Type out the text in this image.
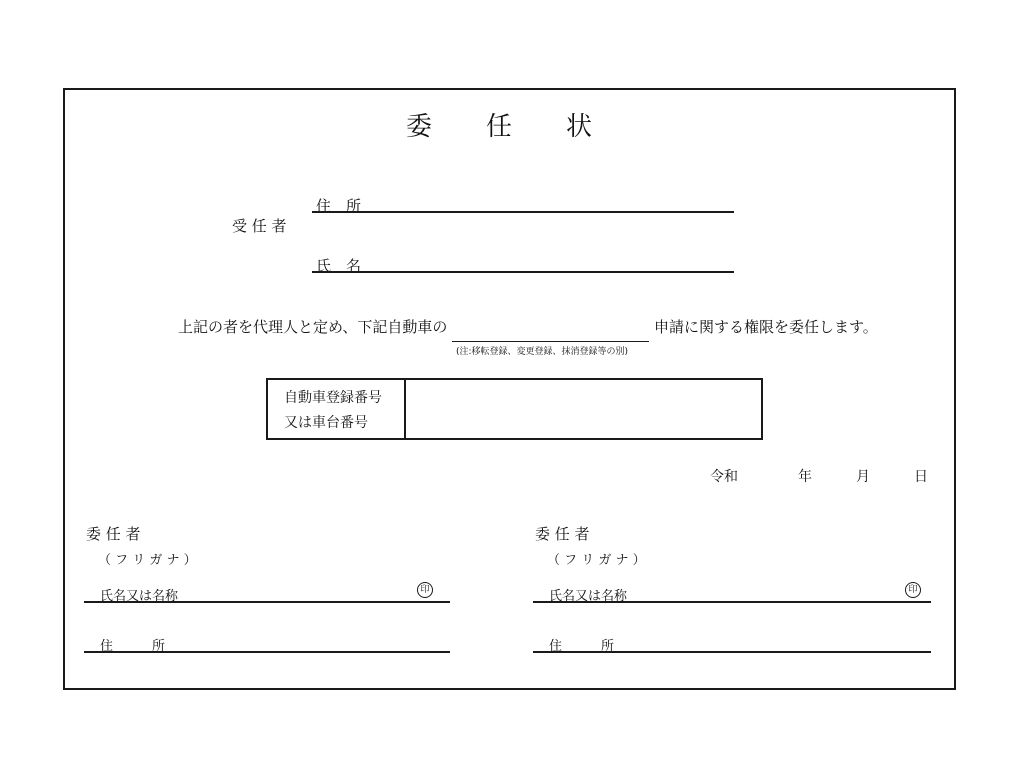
委 任 状
受 任 者
住　所
氏　名
上記の者を代理人と定め、下記自動車の
(注:移転登録、変更登録、抹消登録等の別)
申請に関する権限を委任します。
自動車登録番号
又は車台番号
令和	年	月	日
委 任 者
（ フ リ ガ ナ ）
氏名又は名称	印
住　　　所
委 任 者
（ フ リ ガ ナ ）
氏名又は名称	印
住　　　所
